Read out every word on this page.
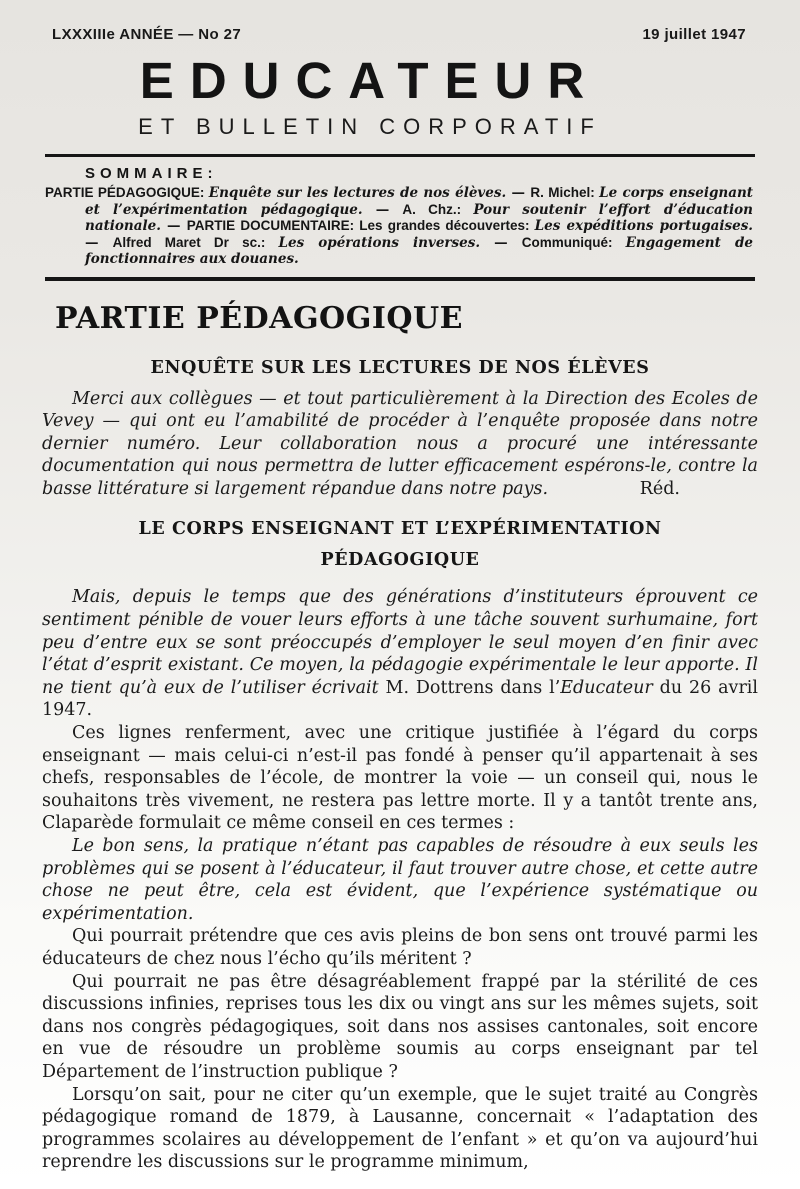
LXXXIIIe ANNÉE — No 27	19 juillet 1947
EDUCATEUR
ET BULLETIN CORPORATIF
SOMMAIRE:
PARTIE PÉDAGOGIQUE: Enquête sur les lectures de nos élèves. — R. Michel: Le corps enseignant et l’expérimentation pédagogique. — A. Chz.: Pour soutenir l’effort d’éducation nationale. — PARTIE DOCUMENTAIRE: Les grandes découvertes: Les expéditions portugaises. — Alfred Maret Dr sc.: Les opérations inverses. — Communiqué: Engagement de fonctionnaires aux douanes.
PARTIE PÉDAGOGIQUE
ENQUÊTE SUR LES LECTURES DE NOS ÉLÈVES

Merci aux collègues — et tout particulièrement à la Direction des Ecoles de Vevey — qui ont eu l’amabilité de procéder à l’enquête proposée dans notre dernier numéro. Leur collaboration nous a procuré une intéressante documentation qui nous permettra de lutter efficacement espérons-le, contre la basse littérature si largement répandue dans notre pays.	Réd.
LE CORPS ENSEIGNANT ET L’EXPÉRIMENTATION
PÉDAGOGIQUE

Mais, depuis le temps que des générations d’instituteurs éprouvent ce sentiment pénible de vouer leurs efforts à une tâche souvent surhumaine, fort peu d’entre eux se sont préoccupés d’employer le seul moyen d’en finir avec l’état d’esprit existant. Ce moyen, la pédagogie expérimentale le leur apporte. Il ne tient qu’à eux de l’utiliser écrivait M. Dottrens dans l’Educateur du 26 avril 1947.

Ces lignes renferment, avec une critique justifiée à l’égard du corps enseignant — mais celui-ci n’est-il pas fondé à penser qu’il appartenait à ses chefs, responsables de l’école, de montrer la voie — un conseil qui, nous le souhaitons très vivement, ne restera pas lettre morte. Il y a tantôt trente ans, Claparède formulait ce même conseil en ces termes :

Le bon sens, la pratique n’étant pas capables de résoudre à eux seuls les problèmes qui se posent à l’éducateur, il faut trouver autre chose, et cette autre chose ne peut être, cela est évident, que l’expérience systématique ou expérimentation.

Qui pourrait prétendre que ces avis pleins de bon sens ont trouvé parmi les éducateurs de chez nous l’écho qu’ils méritent ?

Qui pourrait ne pas être désagréablement frappé par la stérilité de ces discussions infinies, reprises tous les dix ou vingt ans sur les mêmes sujets, soit dans nos congrès pédagogiques, soit dans nos assises cantonales, soit encore en vue de résoudre un problème soumis au corps enseignant par tel Département de l’instruction publique ?

Lorsqu’on sait, pour ne citer qu’un exemple, que le sujet traité au Congrès pédagogique romand de 1879, à Lausanne, concernait « l’adaptation des programmes scolaires au développement de l’enfant » et qu’on va aujourd’hui reprendre les discussions sur le programme minimum,
